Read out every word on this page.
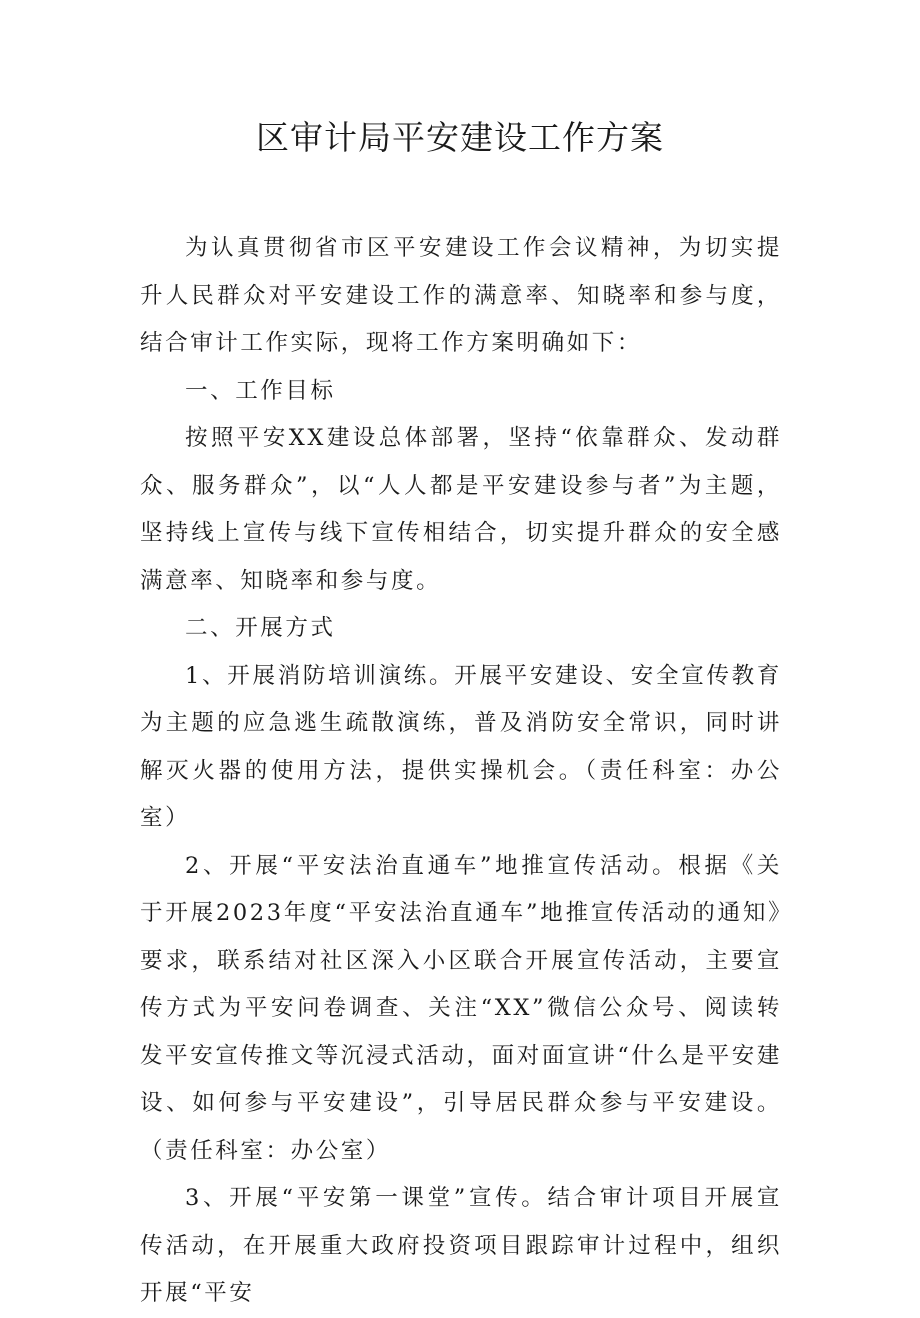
区审计局平安建设工作方案

为认真贯彻省市区平安建设工作会议精神，为切实提升人民群众对平安建设工作的满意率、知晓率和参与度，结合审计工作实际，现将工作方案明确如下：

一、工作目标

按照平安XX建设总体部署，坚持“依靠群众、发动群众、服务群众”，以“人人都是平安建设参与者”为主题，坚持线上宣传与线下宣传相结合，切实提升群众的安全感满意率、知晓率和参与度。

二、开展方式

1、开展消防培训演练。开展平安建设、安全宣传教育为主题的应急逃生疏散演练，普及消防安全常识，同时讲解灭火器的使用方法，提供实操机会。（责任科室：办公室）

2、开展“平安法治直通车”地推宣传活动。根据《关于开展2023年度“平安法治直通车”地推宣传活动的通知》要求，联系结对社区深入小区联合开展宣传活动，主要宣传方式为平安问卷调查、关注“XX”微信公众号、阅读转发平安宣传推文等沉浸式活动，面对面宣讲“什么是平安建设、如何参与平安建设”，引导居民群众参与平安建设。（责任科室：办公室）

3、开展“平安第一课堂”宣传。结合审计项目开展宣传活动，在开展重大政府投资项目跟踪审计过程中，组织开展“平安
